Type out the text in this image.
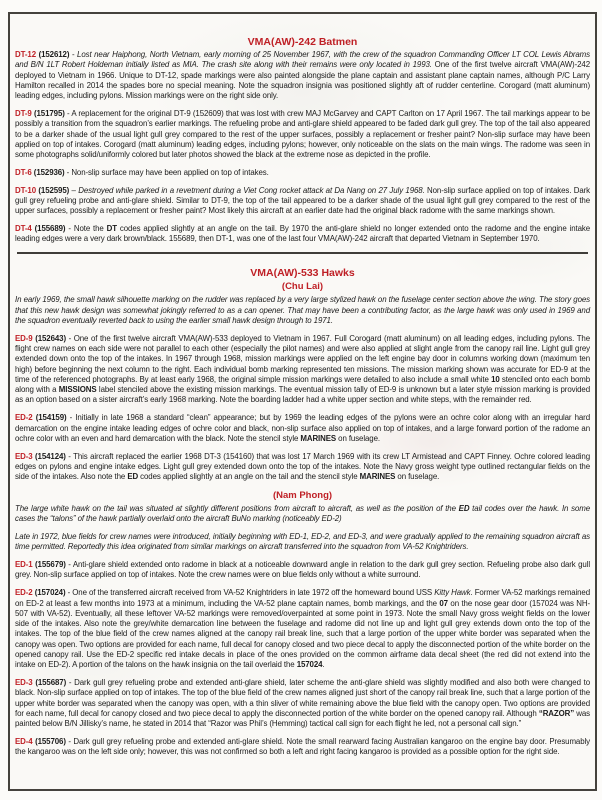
VMA(AW)-242 Batmen

DT-12 (152612) - Lost near Haiphong, North Vietnam, early morning of 25 November 1967, with the crew of the squadron Commanding Officer LT COL Lewis Abrams and B/N 1LT Robert Holdeman initially listed as MIA. The crash site along with their remains were only located in 1993. One of the first twelve aircraft VMA(AW)-242 deployed to Vietnam in 1966. Unique to DT-12, spade markings were also painted alongside the plane captain and assistant plane captain names, although P/C Larry Hamilton recalled in 2014 the spades bore no special meaning. Note the squadron insignia was positioned slightly aft of rudder centerline. Corogard (matt aluminum) leading edges, including pylons. Mission markings were on the right side only.

DT-9 (151795) - A replacement for the original DT-9 (152609) that was lost with crew MAJ McGarvey and CAPT Carlton on 17 April 1967. The tail markings appear to be possibly a transition from the squadron’s earlier markings. The refueling probe and anti-glare shield appeared to be faded dark gull grey. The top of the tail also appeared to be a darker shade of the usual light gull grey compared to the rest of the upper surfaces, possibly a replacement or fresher paint? Non-slip surface may have been applied on top of intakes. Corogard (matt aluminum) leading edges, including pylons; however, only noticeable on the slats on the main wings. The radome was seen in some photographs solid/uniformly colored but later photos showed the black at the extreme nose as depicted in the profile.

DT-6 (152936) - Non-slip surface may have been applied on top of intakes.

DT-10 (152595) – Destroyed while parked in a revetment during a Viet Cong rocket attack at Da Nang on 27 July 1968. Non-slip surface applied on top of intakes. Dark gull grey refueling probe and anti-glare shield. Similar to DT-9, the top of the tail appeared to be a darker shade of the usual light gull grey compared to the rest of the upper surfaces, possibly a replacement or fresher paint? Most likely this aircraft at an earlier date had the original black radome with the same markings shown.

DT-4 (155689) - Note the DT codes applied slightly at an angle on the tail. By 1970 the anti-glare shield no longer extended onto the radome and the engine intake leading edges were a very dark brown/black. 155689, then DT-1, was one of the last four VMA(AW)-242 aircraft that departed Vietnam in September 1970.

VMA(AW)-533 Hawks
(Chu Lai)

In early 1969, the small hawk silhouette marking on the rudder was replaced by a very large stylized hawk on the fuselage center section above the wing. The story goes that this new hawk design was somewhat jokingly referred to as a can opener. That may have been a contributing factor, as the large hawk was only used in 1969 and the squadron eventually reverted back to using the earlier small hawk design through to 1971.

ED-9 (152643) - One of the first twelve aircraft VMA(AW)-533 deployed to Vietnam in 1967. Full Corogard (matt aluminum) on all leading edges, including pylons. The flight crew names on each side were not parallel to each other (especially the pilot names) and were also applied at slight angle from the canopy rail line. Light gull grey extended down onto the top of the intakes. In 1967 through 1968, mission markings were applied on the left engine bay door in columns working down (maximum ten high) before beginning the next column to the right. Each individual bomb marking represented ten missions. The mission marking shown was accurate for ED-9 at the time of the referenced photographs. By at least early 1968, the original simple mission markings were detailed to also include a small white 10 stenciled onto each bomb along with a MISSIONS label stenciled above the existing mission markings. The eventual mission tally of ED-9 is unknown but a later style mission marking is provided as an option based on a sister aircraft’s early 1968 marking. Note the boarding ladder had a white upper section and white steps, with the remainder red.

ED-2 (154159) - Initially in late 1968 a standard “clean” appearance; but by 1969 the leading edges of the pylons were an ochre color along with an irregular hard demarcation on the engine intake leading edges of ochre color and black, non-slip surface also applied on top of intakes, and a large forward portion of the radome an ochre color with an even and hard demarcation with the black. Note the stencil style MARINES on fuselage.

ED-3 (154124) - This aircraft replaced the earlier 1968 DT-3 (154160) that was lost 17 March 1969 with its crew LT Armistead and CAPT Finney. Ochre colored leading edges on pylons and engine intake edges. Light gull grey extended down onto the top of the intakes. Note the Navy gross weight type outlined rectangular fields on the side of the intakes. Also note the ED codes applied slightly at an angle on the tail and the stencil style MARINES on fuselage.

(Nam Phong)

The large white hawk on the tail was situated at slightly different positions from aircraft to aircraft, as well as the position of the ED tail codes over the hawk. In some cases the “talons” of the hawk partially overlaid onto the aircraft BuNo marking (noticeably ED-2)

Late in 1972, blue fields for crew names were introduced, initially beginning with ED-1, ED-2, and ED-3, and were gradually applied to the remaining squadron aircraft as time permitted. Reportedly this idea originated from similar markings on aircraft transferred into the squadron from VA-52 Knightriders.

ED-1 (155679) - Anti-glare shield extended onto radome in black at a noticeable downward angle in relation to the dark gull grey section. Refueling probe also dark gull grey. Non-slip surface applied on top of intakes. Note the crew names were on blue fields only without a white surround.

ED-2 (157024) - One of the transferred aircraft received from VA-52 Knightriders in late 1972 off the homeward bound USS Kitty Hawk. Former VA-52 markings remained on ED-2 at least a few months into 1973 at a minimum, including the VA-52 plane captain names, bomb markings, and the 07 on the nose gear door (157024 was NH-507 with VA-52). Eventually, all these leftover VA-52 markings were removed/overpainted at some point in 1973. Note the small Navy gross weight fields on the lower side of the intakes. Also note the grey/white demarcation line between the fuselage and radome did not line up and light gull grey extends down onto the top of the intakes. The top of the blue field of the crew names aligned at the canopy rail break line, such that a large portion of the upper white border was separated when the canopy was open. Two options are provided for each name, full decal for canopy closed and two piece decal to apply the disconnected portion of the white border on the opened canopy rail. Use the ED-2 specific red intake decals in place of the ones provided on the common airframe data decal sheet (the red did not extend into the intake on ED-2). A portion of the talons on the hawk insignia on the tail overlaid the 157024.

ED-3 (155687) - Dark gull grey refueling probe and extended anti-glare shield, later scheme the anti-glare shield was slightly modified and also both were changed to black. Non-slip surface applied on top of intakes. The top of the blue field of the crew names aligned just short of the canopy rail break line, such that a large portion of the upper white border was separated when the canopy was open, with a thin sliver of white remaining above the blue field with the canopy open. Two options are provided for each name, full decal for canopy closed and two piece decal to apply the disconnected portion of the white border on the opened canopy rail. Although “RAZOR” was painted below B/N Jillisky’s name, he stated in 2014 that “Razor was Phil’s (Hemming) tactical call sign for each flight he led, not a personal call sign.”

ED-4 (155706) - Dark gull grey refueling probe and extended anti-glare shield. Note the small rearward facing Australian kangaroo on the engine bay door. Presumably the kangaroo was on the left side only; however, this was not confirmed so both a left and right facing kangaroo is provided as a possible option for the right side.
